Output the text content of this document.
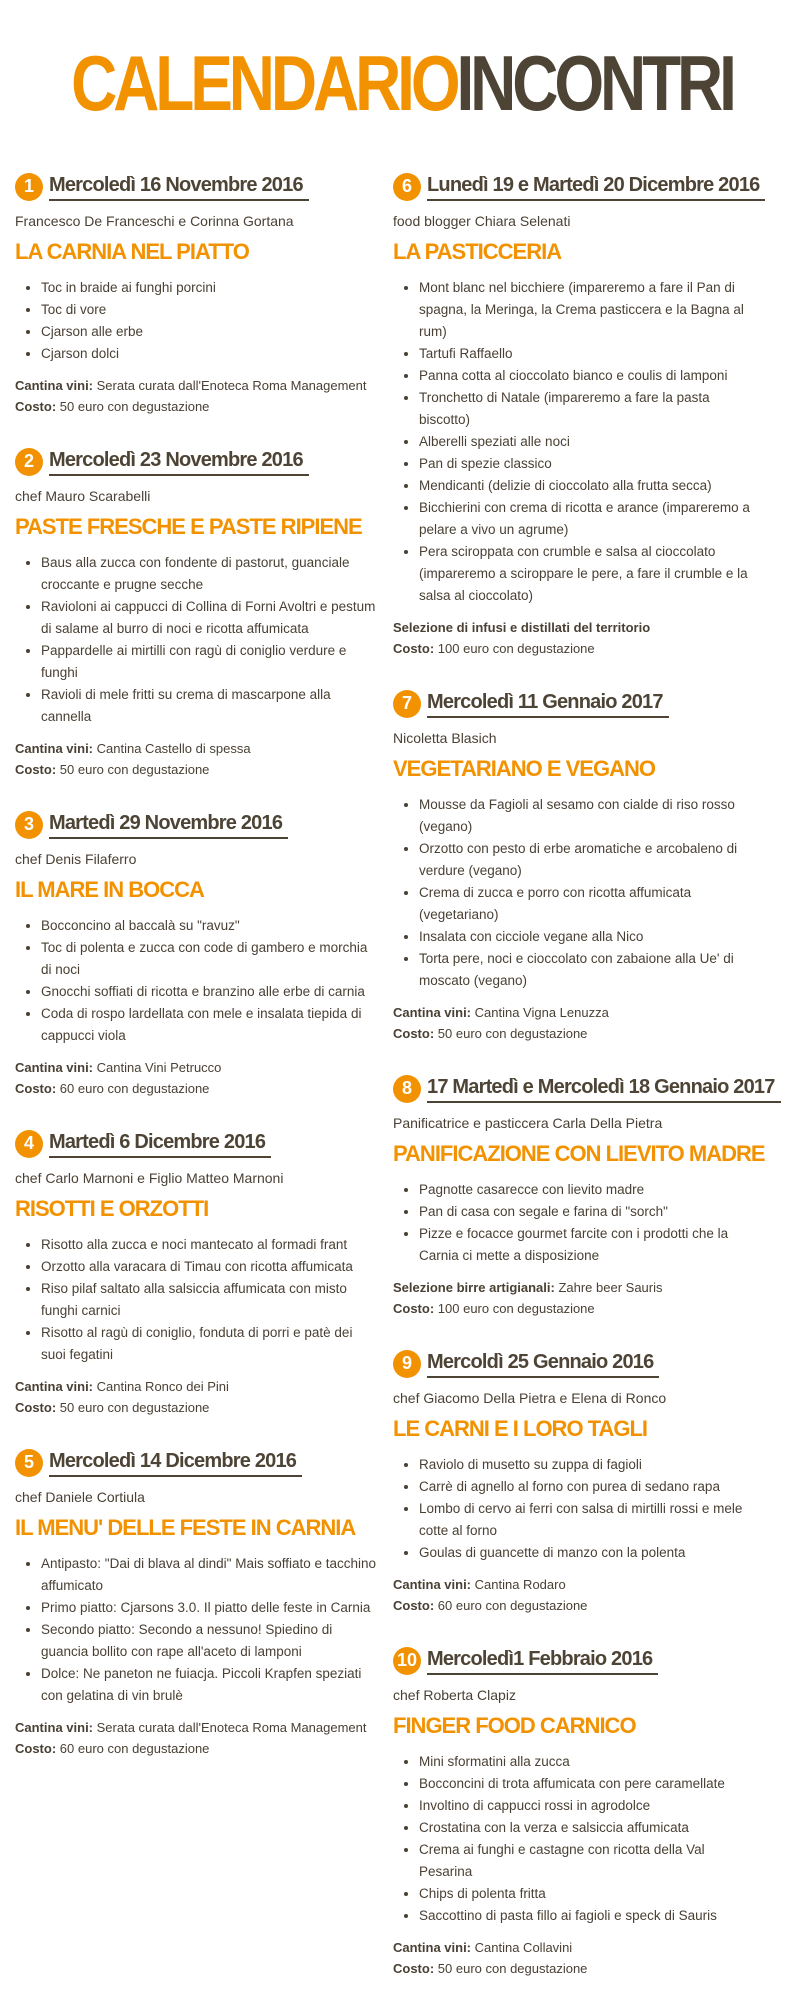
CALENDARIOINCONTRI
1 Mercoledì 16 Novembre 2016
Francesco De Franceschi e Corinna Gortana
LA CARNIA NEL PIATTO
• Toc in braide ai funghi porcini
• Toc di vore
• Cjarson alle erbe
• Cjarson dolci
Cantina vini: Serata curata dall'Enoteca Roma Management
Costo: 50 euro con degustazione
2 Mercoledì 23 Novembre 2016
chef Mauro Scarabelli
PASTE FRESCHE E PASTE RIPIENE
• Baus alla zucca con fondente di pastorut, guanciale croccante e prugne secche
• Ravioloni ai cappucci di Collina di Forni Avoltri e pestum di salame al burro di noci e ricotta affumicata
• Pappardelle ai mirtilli con ragù di coniglio verdure e funghi
• Ravioli di mele fritti su crema di mascarpone alla cannella
Cantina vini: Cantina Castello di spessa
Costo: 50 euro con degustazione
3 Martedì 29 Novembre 2016
chef Denis Filaferro
IL MARE IN BOCCA
• Bocconcino al baccalà su "ravuz"
• Toc di polenta e zucca con code di gambero e morchia di noci
• Gnocchi soffiati di ricotta e branzino alle erbe di carnia
• Coda di rospo lardellata con mele e insalata tiepida di cappucci viola
Cantina vini: Cantina Vini Petrucco
Costo: 60 euro con degustazione
4 Martedì 6 Dicembre 2016
chef Carlo Marnoni e Figlio Matteo Marnoni
RISOTTI E ORZOTTI
• Risotto alla zucca e noci mantecato al formadi frant
• Orzotto alla varacara di Timau con ricotta affumicata
• Riso pilaf saltato alla salsiccia affumicata con misto funghi carnici
• Risotto al ragù di coniglio, fonduta di porri e patè dei suoi fegatini
Cantina vini: Cantina Ronco dei Pini
Costo: 50 euro con degustazione
5 Mercoledì 14 Dicembre 2016
chef Daniele Cortiula
IL MENU' DELLE FESTE IN CARNIA
• Antipasto: "Dai di blava al dindi" Mais soffiato e tacchino affumicato
• Primo piatto: Cjarsons 3.0. Il piatto delle feste in Carnia
• Secondo piatto: Secondo a nessuno! Spiedino di guancia bollito con rape all'aceto di lamponi
• Dolce: Ne paneton ne fuiacja. Piccoli Krapfen speziati con gelatina di vin brulè
Cantina vini: Serata curata dall'Enoteca Roma Management
Costo: 60 euro con degustazione
6 Lunedì 19 e Martedì 20 Dicembre 2016
food blogger Chiara Selenati
LA PASTICCERIA
• Mont blanc nel bicchiere (impareremo a fare il Pan di spagna, la Meringa, la Crema pasticcera e la Bagna al rum)
• Tartufi Raffaello
• Panna cotta al cioccolato bianco e coulis di lamponi
• Tronchetto di Natale (impareremo a fare la pasta biscotto)
• Alberelli speziati alle noci
• Pan di spezie classico
• Mendicanti (delizie di cioccolato alla frutta secca)
• Bicchierini con crema di ricotta e arance (impareremo a pelare a vivo un agrume)
• Pera sciroppata con crumble e salsa al cioccolato (impareremo a sciroppare le pere, a fare il crumble e la salsa al cioccolato)
Selezione di infusi e distillati del territorio
Costo: 100 euro con degustazione
7 Mercoledì 11 Gennaio 2017
Nicoletta Blasich
VEGETARIANO E VEGANO
• Mousse da Fagioli al sesamo con cialde di riso rosso (vegano)
• Orzotto con pesto di erbe aromatiche e arcobaleno di verdure (vegano)
• Crema di zucca e porro con ricotta affumicata (vegetariano)
• Insalata con cicciole vegane alla Nico
• Torta pere, noci e cioccolato con zabaione alla Ue' di moscato (vegano)
Cantina vini: Cantina Vigna Lenuzza
Costo: 50 euro con degustazione
8 17 Martedì e Mercoledì 18 Gennaio 2017
Panificatrice e pasticcera Carla Della Pietra
PANIFICAZIONE CON LIEVITO MADRE
• Pagnotte casarecce con lievito madre
• Pan di casa con segale e farina di "sorch"
• Pizze e focacce gourmet farcite con i prodotti che la Carnia ci mette a disposizione
Selezione birre artigianali: Zahre beer Sauris
Costo: 100 euro con degustazione
9 Mercoldì 25 Gennaio 2016
chef Giacomo Della Pietra e Elena di Ronco
LE CARNI E I LORO TAGLI
• Raviolo di musetto su zuppa di fagioli
• Carrè di agnello al forno con purea di sedano rapa
• Lombo di cervo ai ferri con salsa di mirtilli rossi e mele cotte al forno
• Goulas di guancette di manzo con la polenta
Cantina vini: Cantina Rodaro
Costo: 60 euro con degustazione
10 Mercoledì1 Febbraio 2016
chef Roberta Clapiz
FINGER FOOD CARNICO
• Mini sformatini alla zucca
• Bocconcini di trota affumicata con pere caramellate
• Involtino di cappucci rossi in agrodolce
• Crostatina con la verza e salsiccia affumicata
• Crema ai funghi e castagne con ricotta della Val Pesarina
• Chips di polenta fritta
• Saccottino di pasta fillo ai fagioli e speck di Sauris
Cantina vini: Cantina Collavini
Costo: 50 euro con degustazione
